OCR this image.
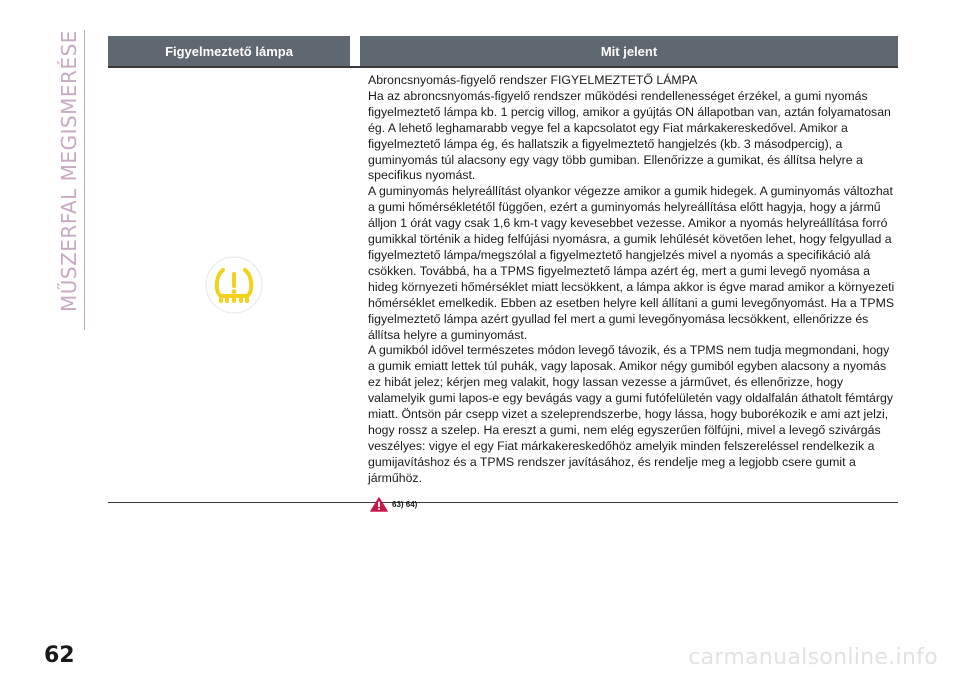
MŰSZERFAL MEGISMERÉSE	Figyelmeztető lámpa	Mit jelent

Abroncsnyomás-figyelő rendszer FIGYELMEZTETŐ LÁMPA

Ha az abroncsnyomás-figyelő rendszer működési rendellenességet érzékel, a gumi nyomás figyelmeztető lámpa kb. 1 percig villog, amikor a gyújtás ON állapotban van, aztán folyamatosan ég. A lehető leghamarabb vegye fel a kapcsolatot egy Fiat márkakereskedővel. Amikor a figyelmeztető lámpa ég, és hallatszik a figyelmeztető hangjelzés (kb. 3 másodpercig), a guminyomás túl alacsony egy vagy több gumiban. Ellenőrizze a gumikat, és állítsa helyre a specifikus nyomást.

A guminyomás helyreállítást olyankor végezze amikor a gumik hidegek. A guminyomás változhat a gumi hőmérsékletétől függően, ezért a guminyomás helyreállítása előtt hagyja, hogy a jármű álljon 1 órát vagy csak 1,6 km-t vagy kevesebbet vezesse. Amikor a nyomás helyreállítása forró gumikkal történik a hideg felfújási nyomásra, a gumik lehűlését követően lehet, hogy felgyullad a figyelmeztető lámpa/megszólal a figyelmeztető hangjelzés mivel a nyomás a specifikáció alá csökken. Továbbá, ha a TPMS figyelmeztető lámpa azért ég, mert a gumi levegő nyomása a hideg környezeti hőmérséklet miatt lecsökkent, a lámpa akkor is égve marad amikor a környezeti hőmérséklet emelkedik. Ebben az esetben helyre kell állítani a gumi levegőnyomást. Ha a TPMS figyelmeztető lámpa azért gyullad fel mert a gumi levegőnyomása lecsökkent, ellenőrizze és állítsa helyre a guminyomást.

A gumikból idővel természetes módon levegő távozik, és a TPMS nem tudja megmondani, hogy a gumik emiatt lettek túl puhák, vagy laposak. Amikor négy gumiból egyben alacsony a nyomás ez hibát jelez; kérjen meg valakit, hogy lassan vezesse a járművet, és ellenőrizze, hogy valamelyik gumi lapos-e egy bevágás vagy a gumi futófelületén vagy oldalfalán áthatolt fémtárgy miatt. Öntsön pár csepp vizet a szeleprendszerbe, hogy lássa, hogy buborékozik e ami azt jelzi, hogy rossz a szelep. Ha ereszt a gumi, nem elég egyszerűen fölfújni, mivel a levegő szivárgás veszélyes: vigye el egy Fiat márkakereskedőhöz amelyik minden felszereléssel rendelkezik a gumijavításhoz és a TPMS rendszer javításához, és rendelje meg a legjobb csere gumit a járműhöz.

63) 64)
62	carmanualsonline.info
